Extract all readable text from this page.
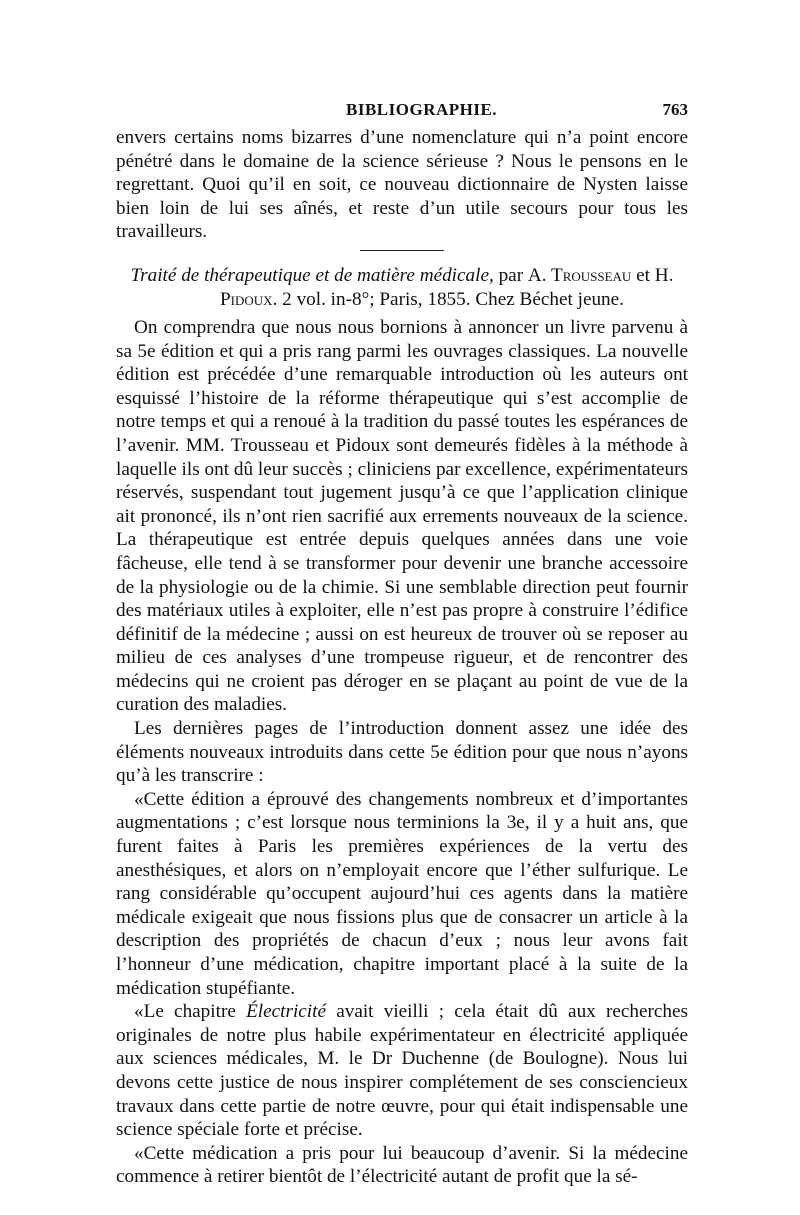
BIBLIOGRAPHIE.	763

envers certains noms bizarres d’une nomenclature qui n’a point encore pénétré dans le domaine de la science sérieuse ? Nous le pensons en le regrettant. Quoi qu’il en soit, ce nouveau dictionnaire de Nysten laisse bien loin de lui ses aînés, et reste d’un utile secours pour tous les travailleurs.

Traité de thérapeutique et de matière médicale, par A. Trousseau et H.
Pidoux. 2 vol. in-8°; Paris, 1855. Chez Béchet jeune.

On comprendra que nous nous bornions à annoncer un livre parvenu à sa 5e édition et qui a pris rang parmi les ouvrages classiques. La nouvelle édition est précédée d’une remarquable introduction où les auteurs ont esquissé l’histoire de la réforme thérapeutique qui s’est accomplie de notre temps et qui a renoué à la tradition du passé toutes les espérances de l’avenir. MM. Trousseau et Pidoux sont demeurés fidèles à la méthode à laquelle ils ont dû leur succès ; cliniciens par excellence, expérimentateurs réservés, suspendant tout jugement jusqu’à ce que l’application clinique ait prononcé, ils n’ont rien sacrifié aux errements nouveaux de la science. La thérapeutique est entrée depuis quelques années dans une voie fâcheuse, elle tend à se transformer pour devenir une branche accessoire de la physiologie ou de la chimie. Si une semblable direction peut fournir des matériaux utiles à exploiter, elle n’est pas propre à construire l’édifice définitif de la médecine ; aussi on est heureux de trouver où se reposer au milieu de ces analyses d’une trompeuse rigueur, et de rencontrer des médecins qui ne croient pas déroger en se plaçant au point de vue de la curation des maladies.

Les dernières pages de l’introduction donnent assez une idée des éléments nouveaux introduits dans cette 5e édition pour que nous n’ayons qu’à les transcrire :

«Cette édition a éprouvé des changements nombreux et d’importantes augmentations ; c’est lorsque nous terminions la 3e, il y a huit ans, que furent faites à Paris les premières expériences de la vertu des anesthésiques, et alors on n’employait encore que l’éther sulfurique. Le rang considérable qu’occupent aujourd’hui ces agents dans la matière médicale exigeait que nous fissions plus que de consacrer un article à la description des propriétés de chacun d’eux ; nous leur avons fait l’honneur d’une médication, chapitre important placé à la suite de la médication stupéfiante.

«Le chapitre Électricité avait vieilli ; cela était dû aux recherches originales de notre plus habile expérimentateur en électricité appliquée aux sciences médicales, M. le Dr Duchenne (de Boulogne). Nous lui devons cette justice de nous inspirer complétement de ses consciencieux travaux dans cette partie de notre œuvre, pour qui était indispensable une science spéciale forte et précise.

«Cette médication a pris pour lui beaucoup d’avenir. Si la médecine commence à retirer bientôt de l’électricité autant de profit que la sé-
